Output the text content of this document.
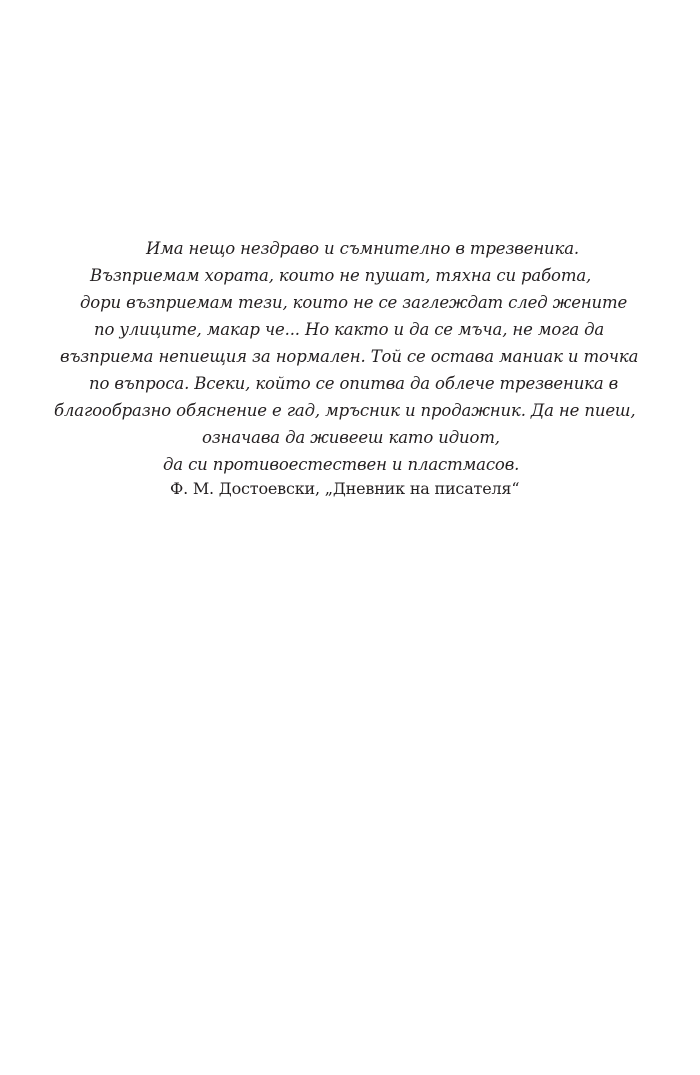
Има нещо нездраво и съмнително в трезвеника.
Възприемам хората, които не пушат, тяхна си работа,
дори възприемам тези, които не се заглеждат след жените
по улиците, макар че... Но както и да се мъча, не мога да
възприема непиещия за нормален. Той се остава маниак и точка
по въпроса. Всеки, който се опитва да облече трезвеника в
благообразно обяснение е гад, мръсник и продажник. Да не пиеш,
означава да живееш като идиот,
да си противоестествен и пластмасов.
Ф. М. Достоевски, „Дневник на писателя“
